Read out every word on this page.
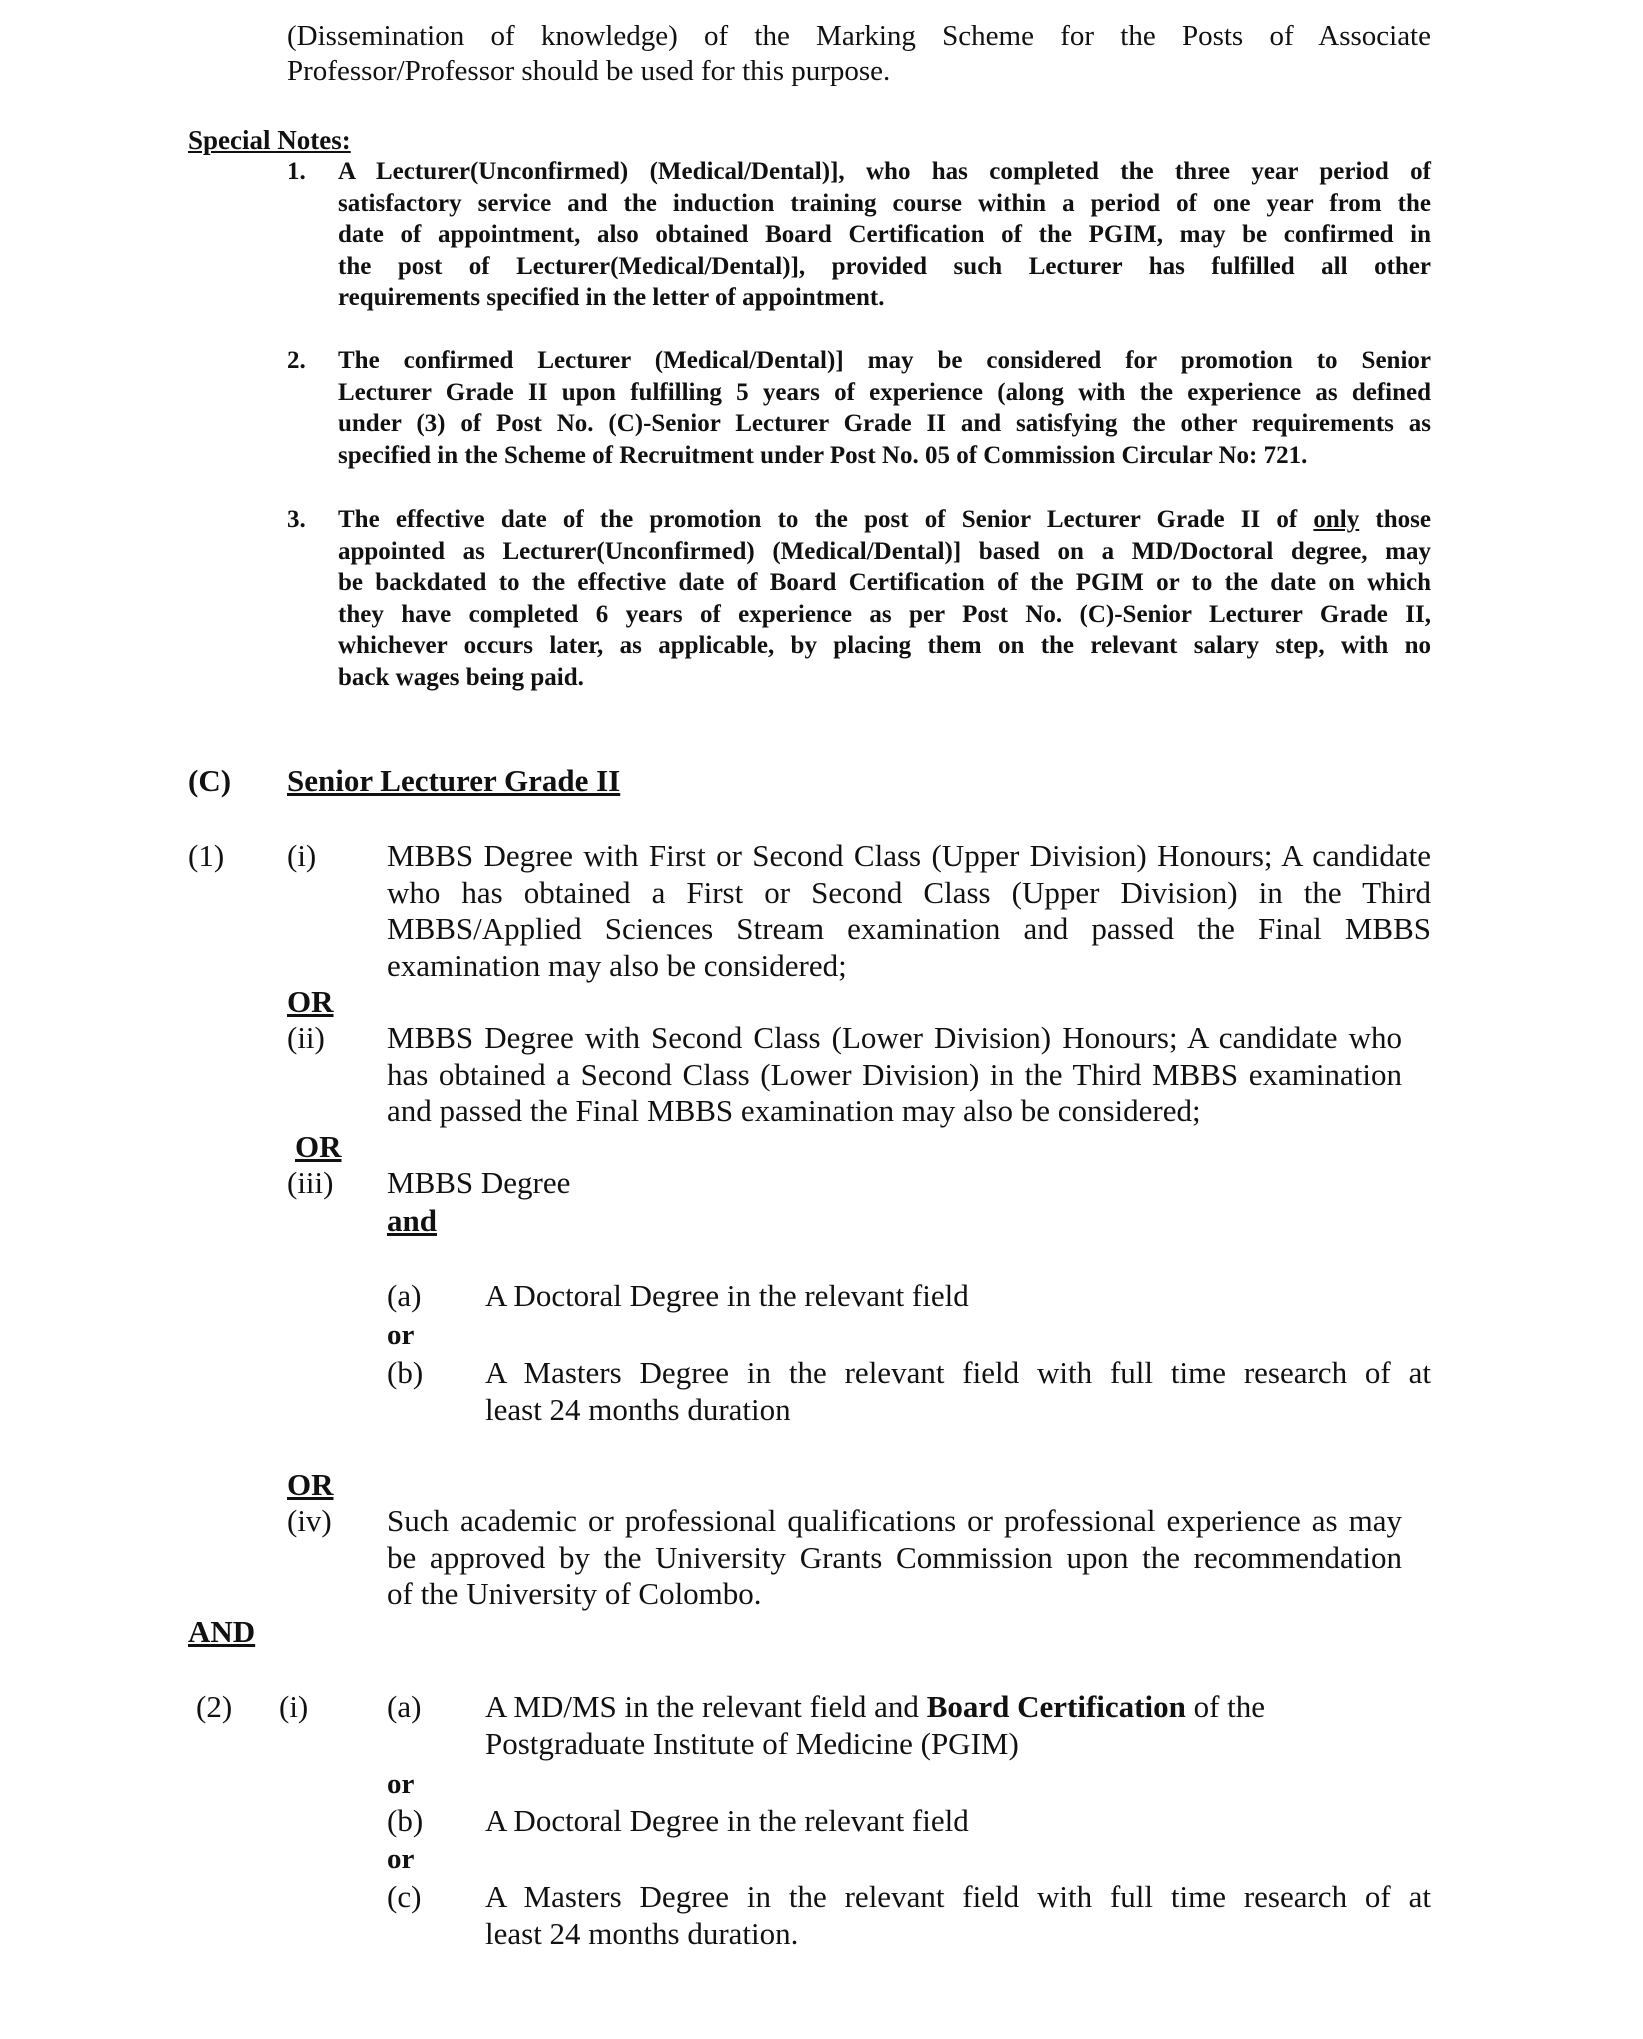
(Dissemination of knowledge) of the Marking Scheme for the Posts of Associate
Professor/Professor should be used for this purpose.
Special Notes:
1. A Lecturer(Unconfirmed) (Medical/Dental)], who has completed the three year period of
satisfactory service and the induction training course within a period of one year from the
date of appointment, also obtained Board Certification of the PGIM, may be confirmed in
the post of Lecturer(Medical/Dental)], provided such Lecturer has fulfilled all other
requirements specified in the letter of appointment.
2. The confirmed Lecturer (Medical/Dental)] may be considered for promotion to Senior
Lecturer Grade II upon fulfilling 5 years of experience (along with the experience as defined
under (3) of Post No. (C)-Senior Lecturer Grade II and satisfying the other requirements as
specified in the Scheme of Recruitment under Post No. 05 of Commission Circular No: 721.
3. The effective date of the promotion to the post of Senior Lecturer Grade II of only those
appointed as Lecturer(Unconfirmed) (Medical/Dental)] based on a MD/Doctoral degree, may
be backdated to the effective date of Board Certification of the PGIM or to the date on which
they have completed 6 years of experience as per Post No. (C)-Senior Lecturer Grade II,
whichever occurs later, as applicable, by placing them on the relevant salary step, with no
back wages being paid.
(C) Senior Lecturer Grade II
(1) (i) MBBS Degree with First or Second Class (Upper Division) Honours; A candidate
who has obtained a First or Second Class (Upper Division) in the Third
MBBS/Applied Sciences Stream examination and passed the Final MBBS
examination may also be considered;
OR
(ii) MBBS Degree with Second Class (Lower Division) Honours; A candidate who
has obtained a Second Class (Lower Division) in the Third MBBS examination
and passed the Final MBBS examination may also be considered;
OR
(iii) MBBS Degree
and
(a) A Doctoral Degree in the relevant field
or
(b) A Masters Degree in the relevant field with full time research of at
least 24 months duration
OR
(iv) Such academic or professional qualifications or professional experience as may
be approved by the University Grants Commission upon the recommendation
of the University of Colombo.
AND
(2) (i)	(a) A MD/MS in the relevant field and Board Certification of the
Postgraduate Institute of Medicine (PGIM)
or
(b) A Doctoral Degree in the relevant field
or
(c) A Masters Degree in the relevant field with full time research of at
least 24 months duration.
